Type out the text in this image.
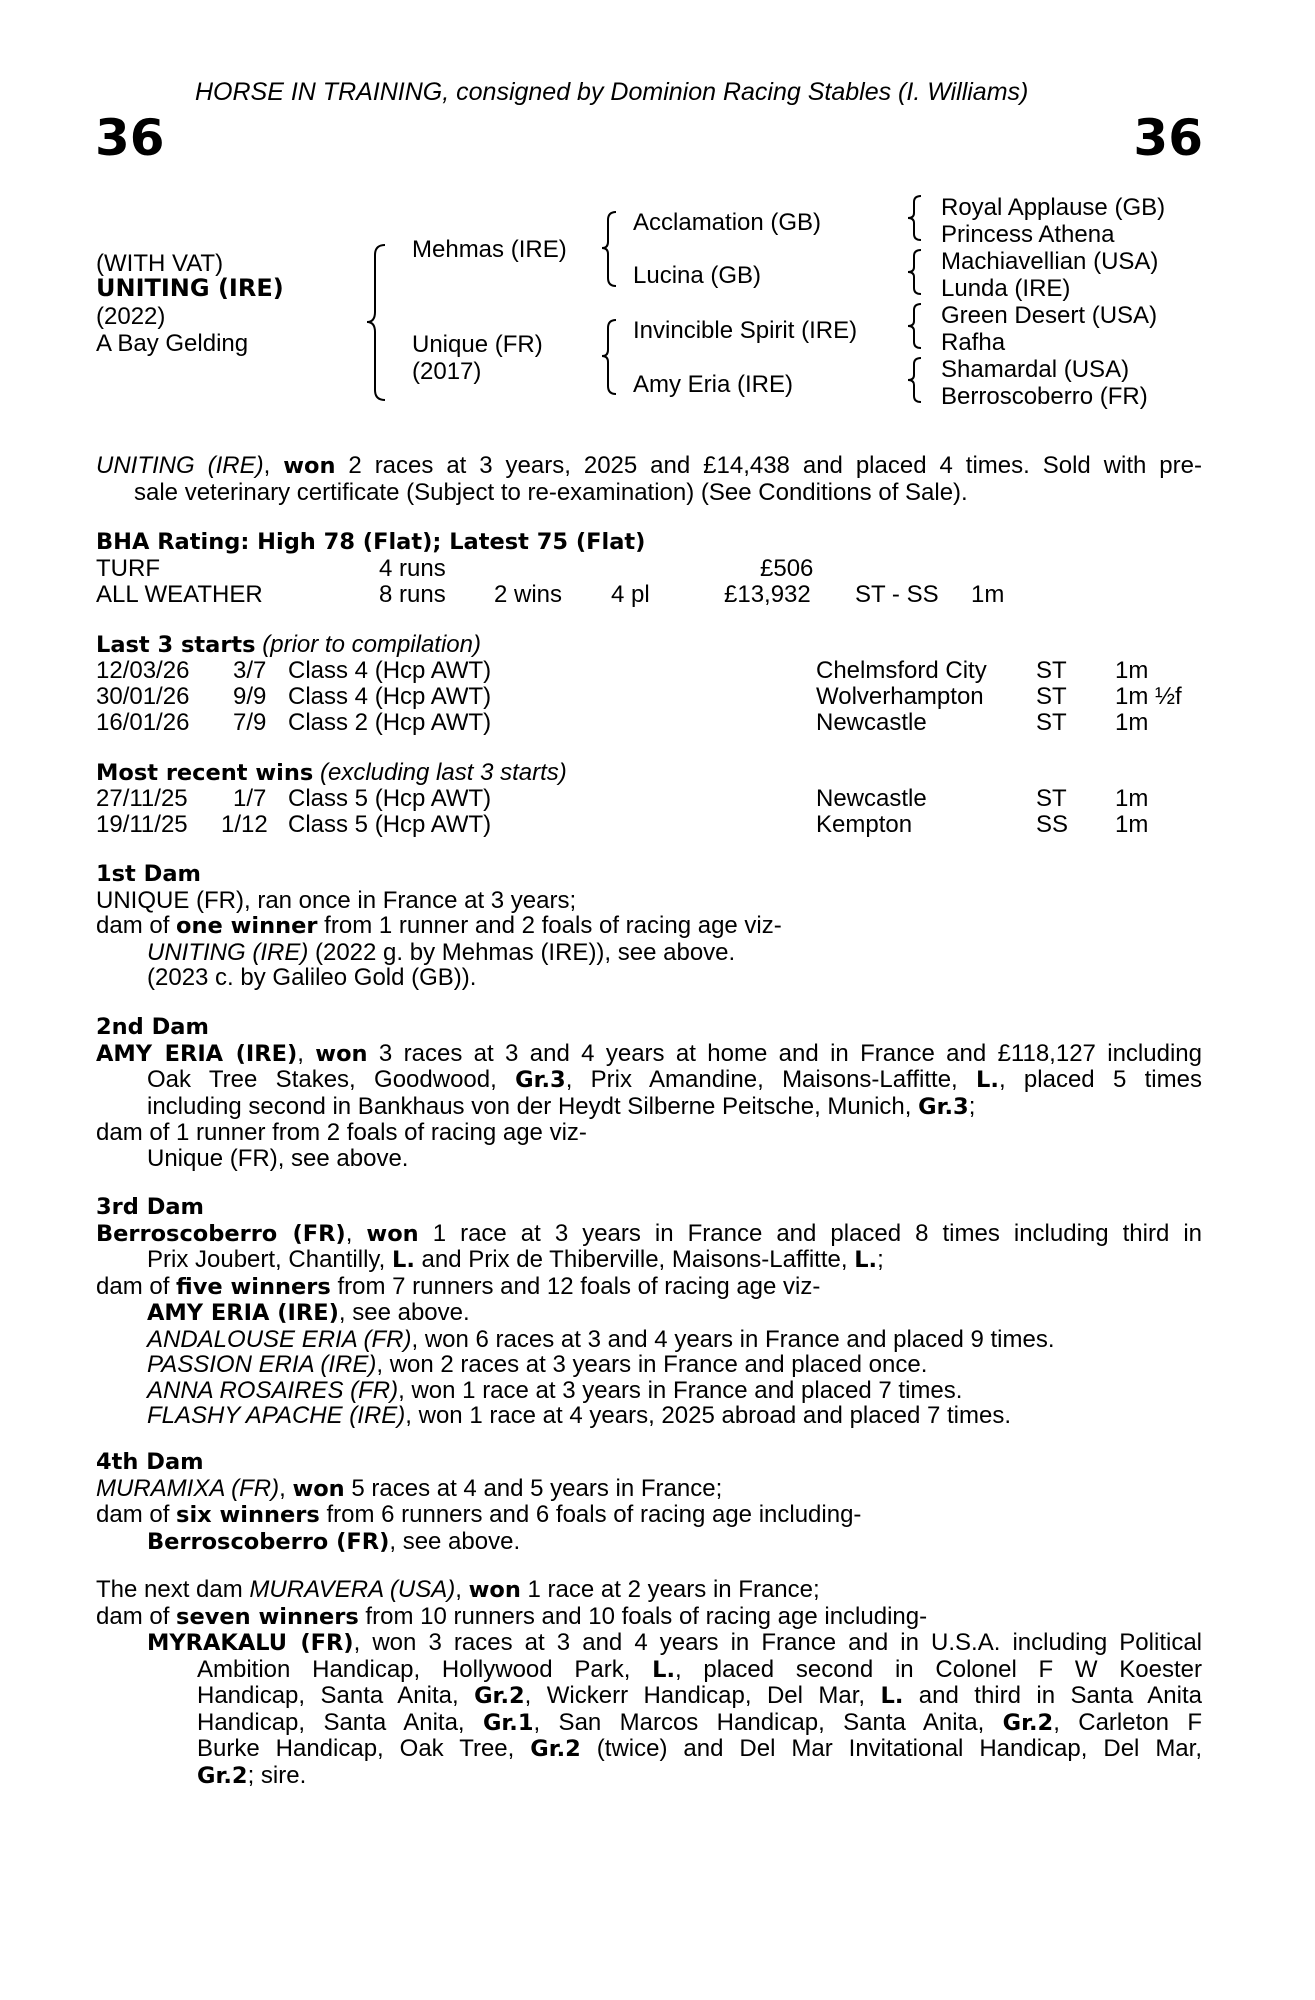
HORSE IN TRAINING, consigned by Dominion Racing Stables (I. Williams)
36	36
(WITH VAT)
UNITING (IRE)
(2022)
A Bay Gelding
Mehmas (IRE)
Unique (FR)
(2017)
Acclamation (GB)
Lucina (GB)
Invincible Spirit (IRE)
Amy Eria (IRE)
Royal Applause (GB)
Princess Athena
Machiavellian (USA)
Lunda (IRE)
Green Desert (USA)
Rafha
Shamardal (USA)
Berroscoberro (FR)
UNITING (IRE), won 2 races at 3 years, 2025 and £14,438 and placed 4 times. Sold with pre-
sale veterinary certificate (Subject to re-examination) (See Conditions of Sale).
BHA Rating: High 78 (Flat); Latest 75 (Flat)
TURF	4 runs	£506
ALL WEATHER	8 runs 2 wins 4 pl	£13,932 ST - SS 1m
Last 3 starts (prior to compilation)
12/03/26 3/7 Class 4 (Hcp AWT)	Chelmsford City ST 1m
30/01/26 9/9 Class 4 (Hcp AWT)	Wolverhampton ST 1m ½f
16/01/26 7/9 Class 2 (Hcp AWT)	Newcastle	ST 1m
Most recent wins (excluding last 3 starts)
27/11/25 1/7 Class 5 (Hcp AWT)	Newcastle	ST 1m
19/11/25 1/12 Class 5 (Hcp AWT)	Kempton	SS 1m
1st Dam
UNIQUE (FR), ran once in France at 3 years;
dam of one winner from 1 runner and 2 foals of racing age viz-
UNITING (IRE) (2022 g. by Mehmas (IRE)), see above.
(2023 c. by Galileo Gold (GB)).
2nd Dam
AMY ERIA (IRE), won 3 races at 3 and 4 years at home and in France and £118,127 including
Oak Tree Stakes, Goodwood, Gr.3, Prix Amandine, Maisons-Laffitte, L., placed 5 times
including second in Bankhaus von der Heydt Silberne Peitsche, Munich, Gr.3;
dam of 1 runner from 2 foals of racing age viz-
Unique (FR), see above.
3rd Dam
Berroscoberro (FR), won 1 race at 3 years in France and placed 8 times including third in
Prix Joubert, Chantilly, L. and Prix de Thiberville, Maisons-Laffitte, L.;
dam of five winners from 7 runners and 12 foals of racing age viz-
AMY ERIA (IRE), see above.
ANDALOUSE ERIA (FR), won 6 races at 3 and 4 years in France and placed 9 times.
PASSION ERIA (IRE), won 2 races at 3 years in France and placed once.
ANNA ROSAIRES (FR), won 1 race at 3 years in France and placed 7 times.
FLASHY APACHE (IRE), won 1 race at 4 years, 2025 abroad and placed 7 times.
4th Dam
MURAMIXA (FR), won 5 races at 4 and 5 years in France;
dam of six winners from 6 runners and 6 foals of racing age including-
Berroscoberro (FR), see above.
The next dam MURAVERA (USA), won 1 race at 2 years in France;
dam of seven winners from 10 runners and 10 foals of racing age including-
MYRAKALU (FR), won 3 races at 3 and 4 years in France and in U.S.A. including Political
Ambition Handicap, Hollywood Park, L., placed second in Colonel F W Koester
Handicap, Santa Anita, Gr.2, Wickerr Handicap, Del Mar, L. and third in Santa Anita
Handicap, Santa Anita, Gr.1, San Marcos Handicap, Santa Anita, Gr.2, Carleton F
Burke Handicap, Oak Tree, Gr.2 (twice) and Del Mar Invitational Handicap, Del Mar,
Gr.2; sire.
